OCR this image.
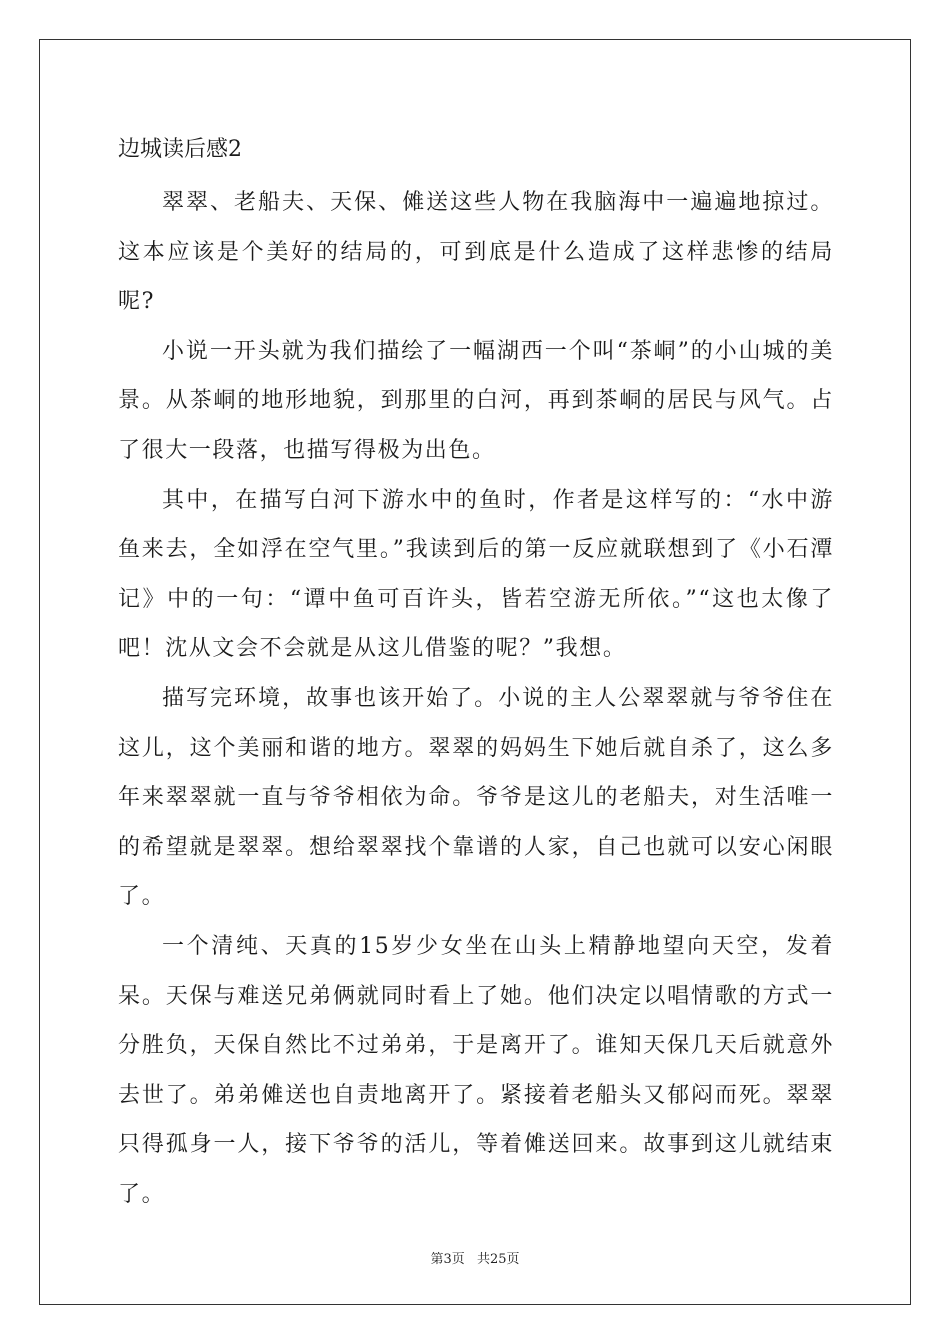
边城读后感2

翠翠、老船夫、天保、傩送这些人物在我脑海中一遍遍地掠过。这本应该是个美好的结局的，可到底是什么造成了这样悲惨的结局呢?

小说一开头就为我们描绘了一幅湖西一个叫“茶峒”的小山城的美景。从茶峒的地形地貌，到那里的白河，再到茶峒的居民与风气。占了很大一段落，也描写得极为出色。

其中，在描写白河下游水中的鱼时，作者是这样写的：“水中游鱼来去，全如浮在空气里。”我读到后的第一反应就联想到了《小石潭记》中的一句：“谭中鱼可百许头，皆若空游无所依。”“这也太像了吧！沈从文会不会就是从这儿借鉴的呢？”我想。

描写完环境，故事也该开始了。小说的主人公翠翠就与爷爷住在这儿，这个美丽和谐的地方。翠翠的妈妈生下她后就自杀了，这么多年来翠翠就一直与爷爷相依为命。爷爷是这儿的老船夫，对生活唯一的希望就是翠翠。想给翠翠找个靠谱的人家，自己也就可以安心闲眼了。

一个清纯、天真的15岁少女坐在山头上精静地望向天空，发着呆。天保与难送兄弟俩就同时看上了她。他们决定以唱情歌的方式一分胜负，天保自然比不过弟弟，于是离开了。谁知天保几天后就意外去世了。弟弟傩送也自责地离开了。紧接着老船头又郁闷而死。翠翠只得孤身一人，接下爷爷的活儿，等着傩送回来。故事到这儿就结束了。

第3页 共25页
